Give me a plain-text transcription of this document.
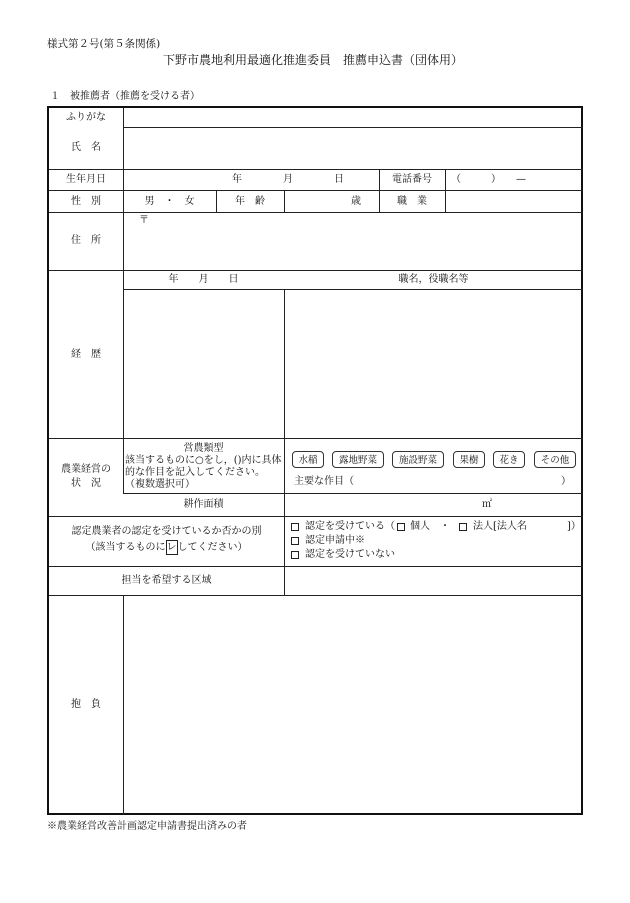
様式第２号(第５条関係)
下野市農地利用最適化推進委員　推薦申込書（団体用）
１　被推薦者（推薦を受ける者）
ふりがな
氏　名
生年月日	年	月	日	電話番号	（　　　）　　—
性　別	男　・　女	年　齢	歳	職　業
住　所
〒
経　歴
年　　月　　日	職名，役職名等
農業経営の
状　況
営農類型
該当するものに○をし，()内に具体
的な作目を記入してください。
（複数選択可）
水稲	露地野菜	施設野菜	果樹	花き	その他
主要な作目（	）
耕作面積	㎡
認定農業者の認定を受けているか否かの別
（該当するものにレしてください）
認定を受けている（ 個人　・ 法人[法人名	]）
認定申請中※
認定を受けていない
担当を希望する区域
抱　負
※農業経営改善計画認定申請書提出済みの者
